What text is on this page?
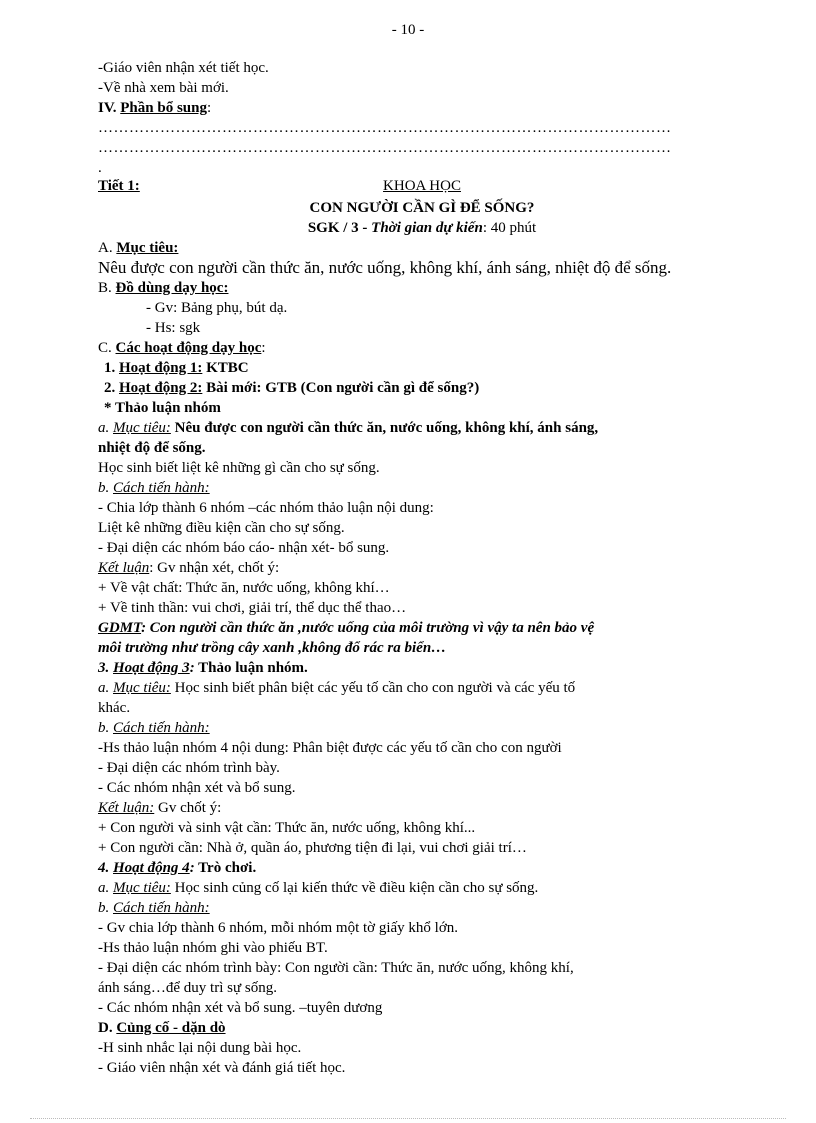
- 10 -
-Giáo viên nhận xét tiết học.
-Về nhà xem bài mới.
IV. Phần bổ sung:
…………………………………………………………………………………………………
…………………………………………………………………………………………………
.
Tiết 1:	KHOA HỌC
CON NGƯỜI CẦN GÌ ĐỂ SỐNG?
SGK / 3 - Thời gian dự kiến: 40 phút
A. Mục tiêu:
Nêu được con người cần thức ăn, nước uống, không khí, ánh sáng, nhiệt độ để sống.
B. Đồ dùng dạy học:
- Gv: Bảng phụ, bút dạ.
- Hs: sgk
C. Các hoạt động dạy học:
1. Hoạt động 1: KTBC
2. Hoạt động 2: Bài mới: GTB (Con người cần gì để sống?)
* Thảo luận nhóm
a. Mục tiêu: Nêu được con người cần thức ăn, nước uống, không khí, ánh sáng,
nhiệt độ để sống.
Học sinh biết liệt kê những gì cần cho sự sống.
b. Cách tiến hành:
- Chia lớp thành 6 nhóm –các nhóm thảo luận nội dung:
Liệt kê những điều kiện cần cho sự sống.
- Đại diện các nhóm báo cáo- nhận xét- bổ sung.
Kết luận: Gv nhận xét, chốt ý:
+ Về vật chất: Thức ăn, nước uống, không khí…
+ Về tinh thần: vui chơi, giải trí, thể dục thể thao…
GDMT: Con người cần thức ăn ,nước uống của môi trường vì vậy ta nên bảo vệ
môi trường như trồng cây xanh ,không đổ rác ra biển…
3. Hoạt động 3: Thảo luận nhóm.
a. Mục tiêu: Học sinh biết phân biệt các yếu tố cần cho con người và các yếu tố
khác.
b. Cách tiến hành:
-Hs thảo luận nhóm 4 nội dung: Phân biệt được các yếu tố cần cho con người
- Đại diện các nhóm trình bày.
- Các nhóm nhận xét và bổ sung.
Kết luận: Gv chốt ý:
+ Con người và sinh vật cần: Thức ăn, nước uống, không khí...
+ Con người cần: Nhà ở, quần áo, phương tiện đi lại, vui chơi giải trí…
4. Hoạt động 4: Trò chơi.
a. Mục tiêu: Học sinh củng cố lại kiến thức về điều kiện cần cho sự sống.
b. Cách tiến hành:
- Gv chia lớp thành 6 nhóm, mỗi nhóm một tờ giấy khổ lớn.
-Hs thảo luận nhóm ghi vào phiếu BT.
- Đại diện các nhóm trình bày: Con người cần: Thức ăn, nước uống, không khí,
ánh sáng…để duy trì sự sống.
- Các nhóm nhận xét và bổ sung. –tuyên dương
D. Củng cố - dặn dò
-H sinh nhắc lại nội dung bài học.
- Giáo viên nhận xét và đánh giá tiết học.
